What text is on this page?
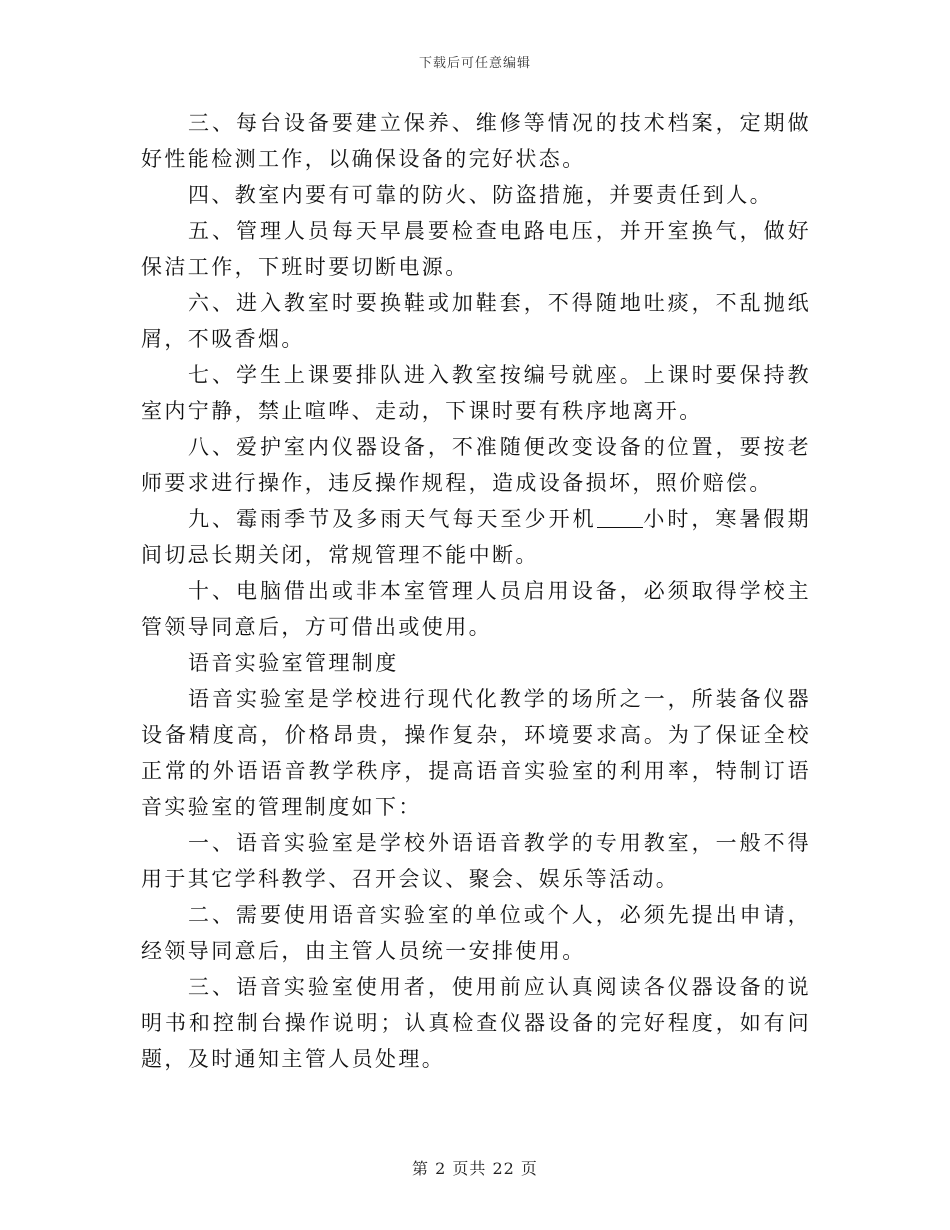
下载后可任意编辑

三、每台设备要建立保养、维修等情况的技术档案，定期做好性能检测工作，以确保设备的完好状态。

四、教室内要有可靠的防火、防盗措施，并要责任到人。

五、管理人员每天早晨要检查电路电压，并开室换气，做好保洁工作，下班时要切断电源。

六、进入教室时要换鞋或加鞋套，不得随地吐痰，不乱抛纸屑，不吸香烟。

七、学生上课要排队进入教室按编号就座。上课时要保持教室内宁静，禁止喧哗、走动，下课时要有秩序地离开。

八、爱护室内仪器设备，不准随便改变设备的位置，要按老师要求进行操作，违反操作规程，造成设备损坏，照价赔偿。

九、霉雨季节及多雨天气每天至少开机 小时，寒暑假期间切忌长期关闭，常规管理不能中断。

十、电脑借出或非本室管理人员启用设备，必须取得学校主管领导同意后，方可借出或使用。

语音实验室管理制度

语音实验室是学校进行现代化教学的场所之一，所装备仪器设备精度高，价格昂贵，操作复杂，环境要求高。为了保证全校正常的外语语音教学秩序，提高语音实验室的利用率，特制订语音实验室的管理制度如下：

一、语音实验室是学校外语语音教学的专用教室，一般不得用于其它学科教学、召开会议、聚会、娱乐等活动。

二、需要使用语音实验室的单位或个人，必须先提出申请，经领导同意后，由主管人员统一安排使用。

三、语音实验室使用者，使用前应认真阅读各仪器设备的说明书和控制台操作说明；认真检查仪器设备的完好程度，如有问题，及时通知主管人员处理。

第 2 页共 22 页
